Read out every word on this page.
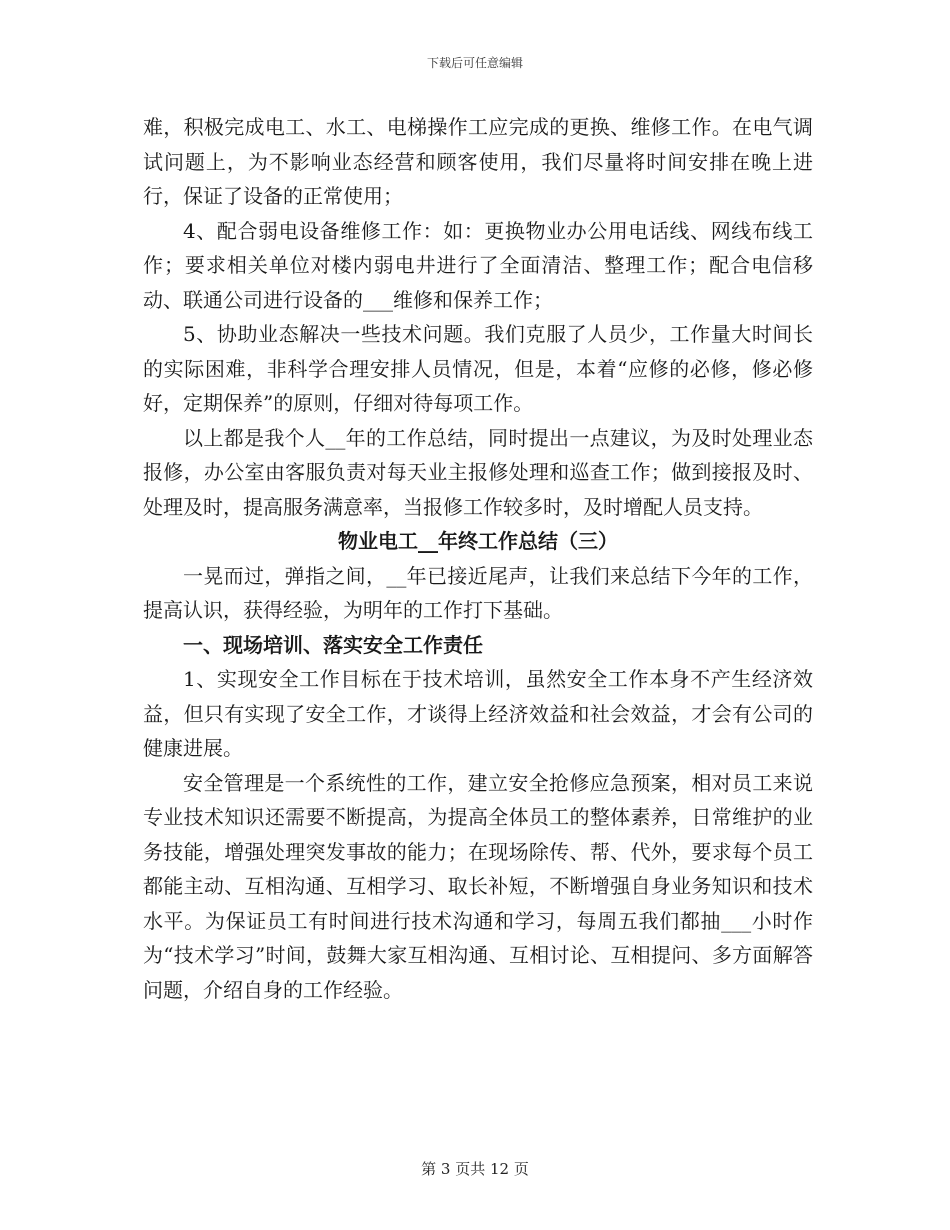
下载后可任意编辑

难，积极完成电工、水工、电梯操作工应完成的更换、维修工作。在电气调试问题上，为不影响业态经营和顾客使用，我们尽量将时间安排在晚上进行，保证了设备的正常使用；

4、配合弱电设备维修工作：如：更换物业办公用电话线、网线布线工作；要求相关单位对楼内弱电井进行了全面清洁、整理工作；配合电信移动、联通公司进行设备的___维修和保养工作；

5、协助业态解决一些技术问题。我们克服了人员少，工作量大时间长的实际困难，非科学合理安排人员情况，但是，本着“应修的必修，修必修好，定期保养”的原则，仔细对待每项工作。

以上都是我个人__年的工作总结，同时提出一点建议，为及时处理业态报修，办公室由客服负责对每天业主报修处理和巡查工作；做到接报及时、处理及时，提高服务满意率，当报修工作较多时，及时增配人员支持。

物业电工__年终工作总结（三）

一晃而过，弹指之间，__年已接近尾声，让我们来总结下今年的工作，提高认识，获得经验，为明年的工作打下基础。

一、现场培训、落实安全工作责任

1、实现安全工作目标在于技术培训，虽然安全工作本身不产生经济效益，但只有实现了安全工作，才谈得上经济效益和社会效益，才会有公司的健康进展。

安全管理是一个系统性的工作，建立安全抢修应急预案，相对员工来说专业技术知识还需要不断提高，为提高全体员工的整体素养，日常维护的业务技能，增强处理突发事故的能力；在现场除传、帮、代外，要求每个员工都能主动、互相沟通、互相学习、取长补短，不断增强自身业务知识和技术水平。为保证员工有时间进行技术沟通和学习，每周五我们都抽___小时作为“技术学习”时间，鼓舞大家互相沟通、互相讨论、互相提问、多方面解答问题，介绍自身的工作经验。

第 3 页共 12 页
